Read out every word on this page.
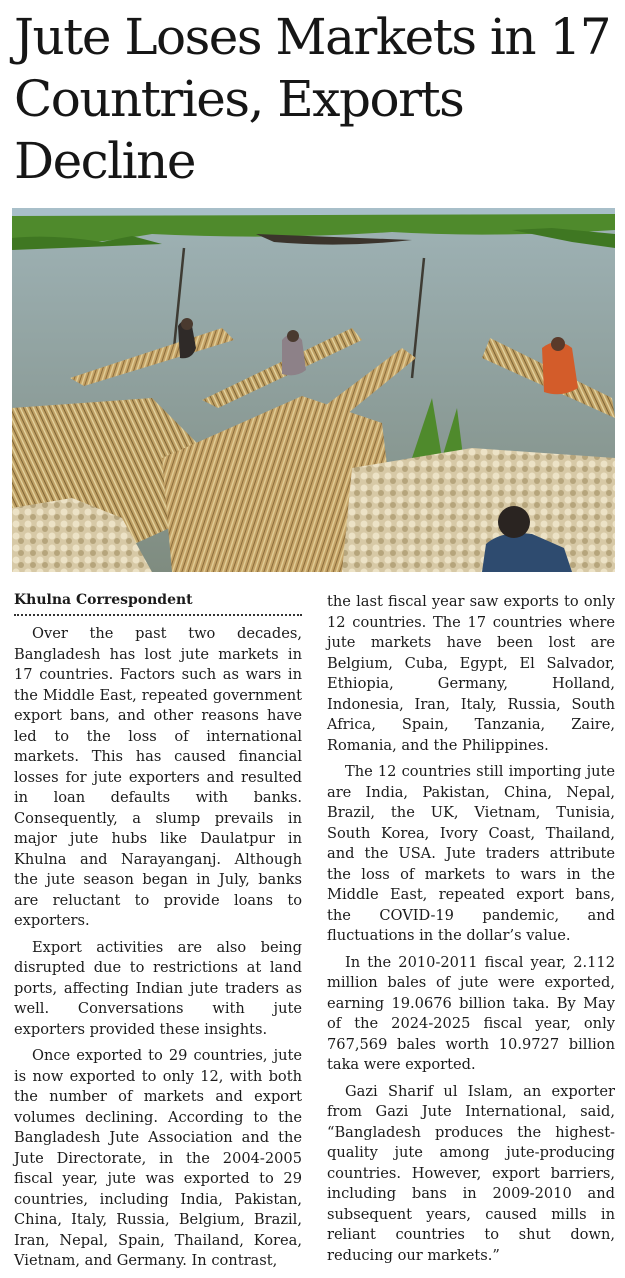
Jute Loses Markets in 17 Countries, Exports Decline
Khulna Correspondent

Over the past two decades, Bangladesh has lost jute markets in 17 countries. Factors such as wars in the Middle East, repeated government export bans, and other reasons have led to the loss of international markets. This has caused financial losses for jute exporters and resulted in loan defaults with banks. Consequently, a slump prevails in major jute hubs like Daulatpur in Khulna and Narayanganj. Although the jute season began in July, banks are reluctant to provide loans to exporters.

Export activities are also being disrupted due to restrictions at land ports, affecting Indian jute traders as well. Conversations with jute exporters provided these insights.

Once exported to 29 countries, jute is now exported to only 12, with both the number of markets and export volumes declining. According to the Bangladesh Jute Association and the Jute Directorate, in the 2004-2005 fiscal year, jute was exported to 29 countries, including India, Pakistan, China, Italy, Russia, Belgium, Brazil, Iran, Nepal, Spain, Thailand, Korea, Vietnam, and Germany. In contrast,

the last fiscal year saw exports to only 12 countries. The 17 countries where jute markets have been lost are Belgium, Cuba, Egypt, El Salvador, Ethiopia, Germany, Holland, Indonesia, Iran, Italy, Russia, South Africa, Spain, Tanzania, Zaire, Romania, and the Philippines.

The 12 countries still importing jute are India, Pakistan, China, Nepal, Brazil, the UK, Vietnam, Tunisia, South Korea, Ivory Coast, Thailand, and the USA. Jute traders attribute the loss of markets to wars in the Middle East, repeated export bans, the COVID-19 pandemic, and fluctuations in the dollar’s value.

In the 2010-2011 fiscal year, 2.112 million bales of jute were exported, earning 19.0676 billion taka. By May of the 2024-2025 fiscal year, only 767,569 bales worth 10.9727 billion taka were exported.

Gazi Sharif ul Islam, an exporter from Gazi Jute International, said, “Bangladesh produces the highest-quality jute among jute-producing countries. However, export barriers, including bans in 2009-2010 and subsequent years, caused mills in reliant countries to shut down, reducing our markets.”
